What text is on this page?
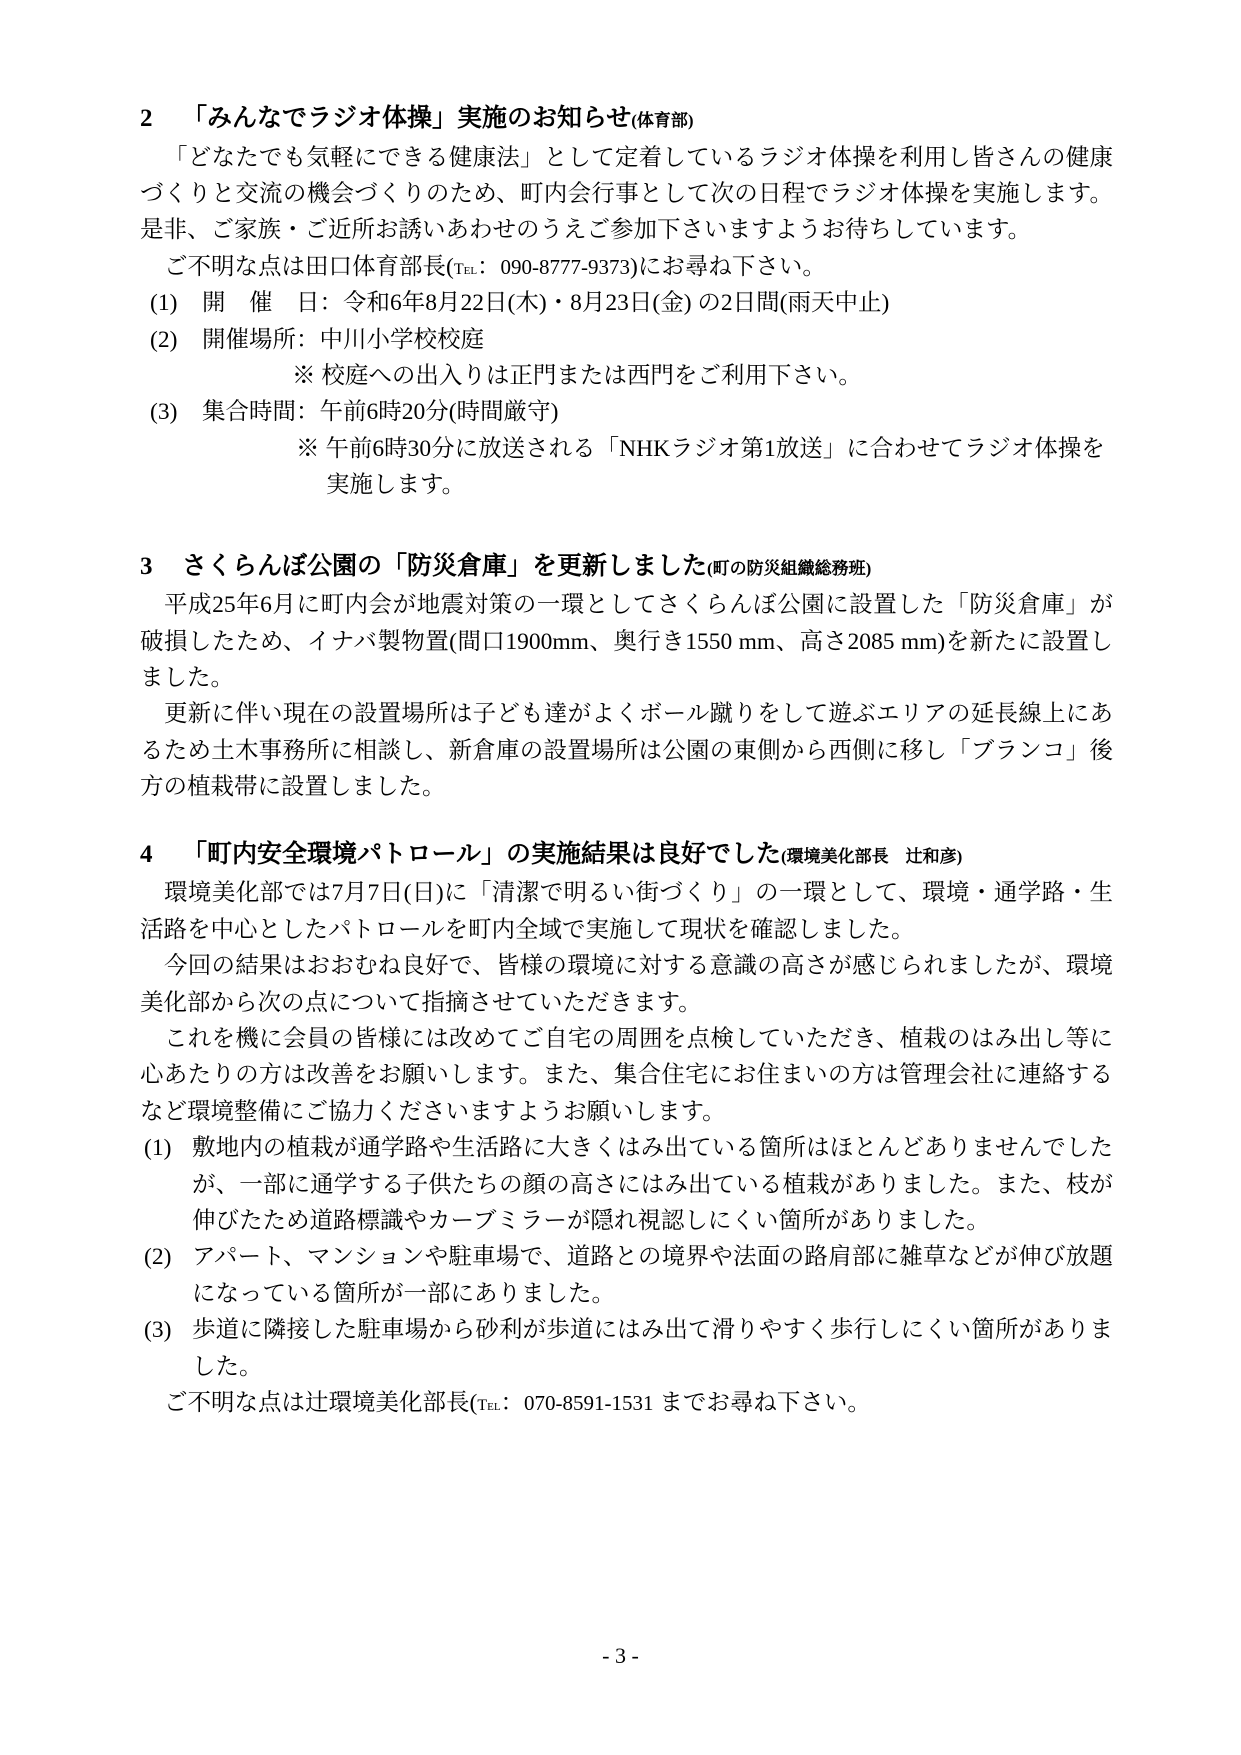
2 「みんなでラジオ体操」実施のお知らせ(体育部)

「どなたでも気軽にできる健康法」として定着しているラジオ体操を利用し皆さんの健康づくりと交流の機会づくりのため、町内会行事として次の日程でラジオ体操を実施します。是非、ご家族・ご近所お誘いあわせのうえご参加下さいますようお待ちしています。

ご不明な点は田口体育部長(Tel：090-8777-9373)にお尋ね下さい。

(1)	開　催　日：令和6年8月22日(木)・8月23日(金) の2日間(雨天中止)
(2)	開催場所：中川小学校校庭

※ 校庭への出入りは正門または西門をご利用下さい。

(3)	集合時間：午前6時20分(時間厳守)

※ 午前6時30分に放送される「NHKラジオ第1放送」に合わせてラジオ体操を実施します。

3 さくらんぼ公園の「防災倉庫」を更新しました(町の防災組織総務班)

平成25年6月に町内会が地震対策の一環としてさくらんぼ公園に設置した「防災倉庫」が破損したため、イナバ製物置(間口1900mm、奥行き1550 mm、高さ2085 mm)を新たに設置しました。

更新に伴い現在の設置場所は子ども達がよくボール蹴りをして遊ぶエリアの延長線上にあるため土木事務所に相談し、新倉庫の設置場所は公園の東側から西側に移し「ブランコ」後方の植栽帯に設置しました。

4 「町内安全環境パトロール」の実施結果は良好でした(環境美化部長　辻和彦)

環境美化部では7月7日(日)に「清潔で明るい街づくり」の一環として、環境・通学路・生活路を中心としたパトロールを町内全域で実施して現状を確認しました。

今回の結果はおおむね良好で、皆様の環境に対する意識の高さが感じられましたが、環境美化部から次の点について指摘させていただきます。

これを機に会員の皆様には改めてご自宅の周囲を点検していただき、植栽のはみ出し等に心あたりの方は改善をお願いします。また、集合住宅にお住まいの方は管理会社に連絡するなど環境整備にご協力くださいますようお願いします。

(1) 敷地内の植栽が通学路や生活路に大きくはみ出ている箇所はほとんどありませんでしたが、一部に通学する子供たちの顔の高さにはみ出ている植栽がありました。また、枝が伸びたため道路標識やカーブミラーが隠れ視認しにくい箇所がありました。
(2) アパート、マンションや駐車場で、道路との境界や法面の路肩部に雑草などが伸び放題になっている箇所が一部にありました。
(3) 歩道に隣接した駐車場から砂利が歩道にはみ出て滑りやすく歩行しにくい箇所がありました。

ご不明な点は辻環境美化部長(Tel：070-8591-1531 までお尋ね下さい。

- 3 -
